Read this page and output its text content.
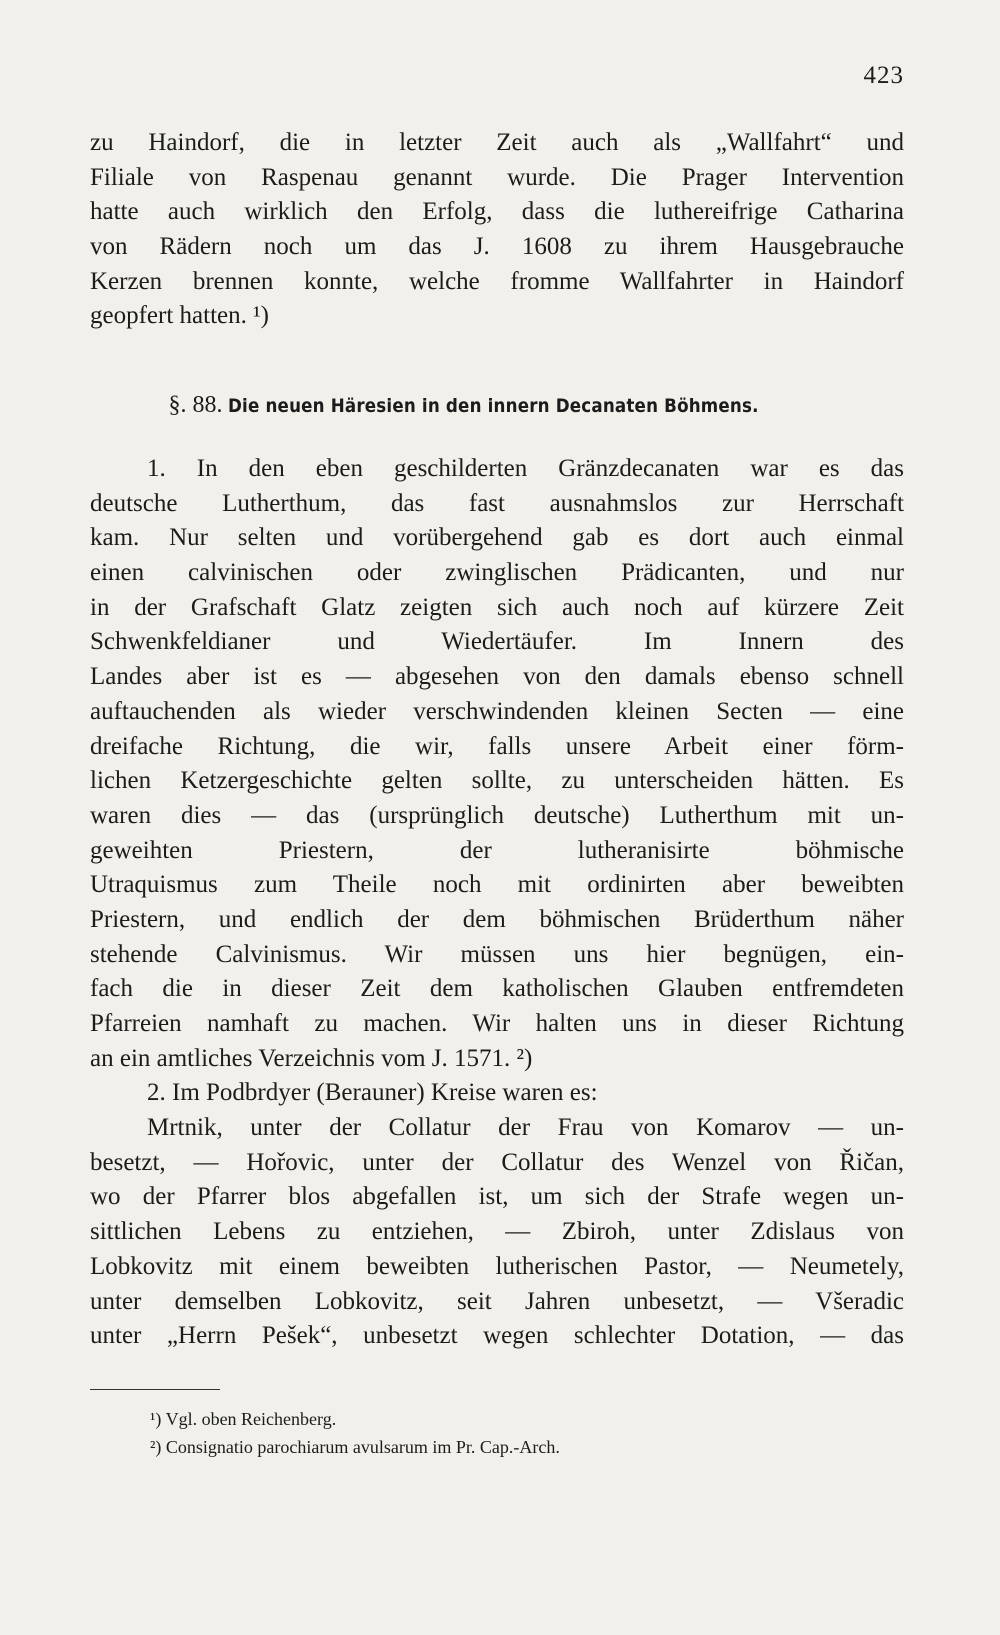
423
zu Haindorf, die in letzter Zeit auch als „Wallfahrt“ und
Filiale von Raspenau genannt wurde. Die Prager Intervention
hatte auch wirklich den Erfolg, dass die luthereifrige Catharina
von Rädern noch um das J. 1608 zu ihrem Hausgebrauche
Kerzen brennen konnte, welche fromme Wallfahrter in Haindorf
geopfert hatten. ¹)
§. 88. Die neuen Häresien in den innern Decanaten Böhmens.
1. In den eben geschilderten Gränzdecanaten war es das
deutsche Lutherthum, das fast ausnahmslos zur Herrschaft
kam. Nur selten und vorübergehend gab es dort auch einmal
einen calvinischen oder zwinglischen Prädicanten, und nur
in der Grafschaft Glatz zeigten sich auch noch auf kürzere Zeit
Schwenkfeldianer und Wiedertäufer. Im Innern des
Landes aber ist es — abgesehen von den damals ebenso schnell
auftauchenden als wieder verschwindenden kleinen Secten — eine
dreifache Richtung, die wir, falls unsere Arbeit einer förm-
lichen Ketzergeschichte gelten sollte, zu unterscheiden hätten. Es
waren dies — das (ursprünglich deutsche) Lutherthum mit un-
geweihten Priestern, der lutheranisirte böhmische
Utraquismus zum Theile noch mit ordinirten aber beweibten
Priestern, und endlich der dem böhmischen Brüderthum näher
stehende Calvinismus. Wir müssen uns hier begnügen, ein-
fach die in dieser Zeit dem katholischen Glauben entfremdeten
Pfarreien namhaft zu machen. Wir halten uns in dieser Richtung
an ein amtliches Verzeichnis vom J. 1571. ²)
2. Im Podbrdyer (Berauner) Kreise waren es:
Mrtnik, unter der Collatur der Frau von Komarov — un-
besetzt, — Hořovic, unter der Collatur des Wenzel von Řičan,
wo der Pfarrer blos abgefallen ist, um sich der Strafe wegen un-
sittlichen Lebens zu entziehen, — Zbiroh, unter Zdislaus von
Lobkovitz mit einem beweibten lutherischen Pastor, — Neumetely,
unter demselben Lobkovitz, seit Jahren unbesetzt, — Všeradic
unter „Herrn Pešek“, unbesetzt wegen schlechter Dotation, — das
¹) Vgl. oben Reichenberg.
²) Consignatio parochiarum avulsarum im Pr. Cap.-Arch.
